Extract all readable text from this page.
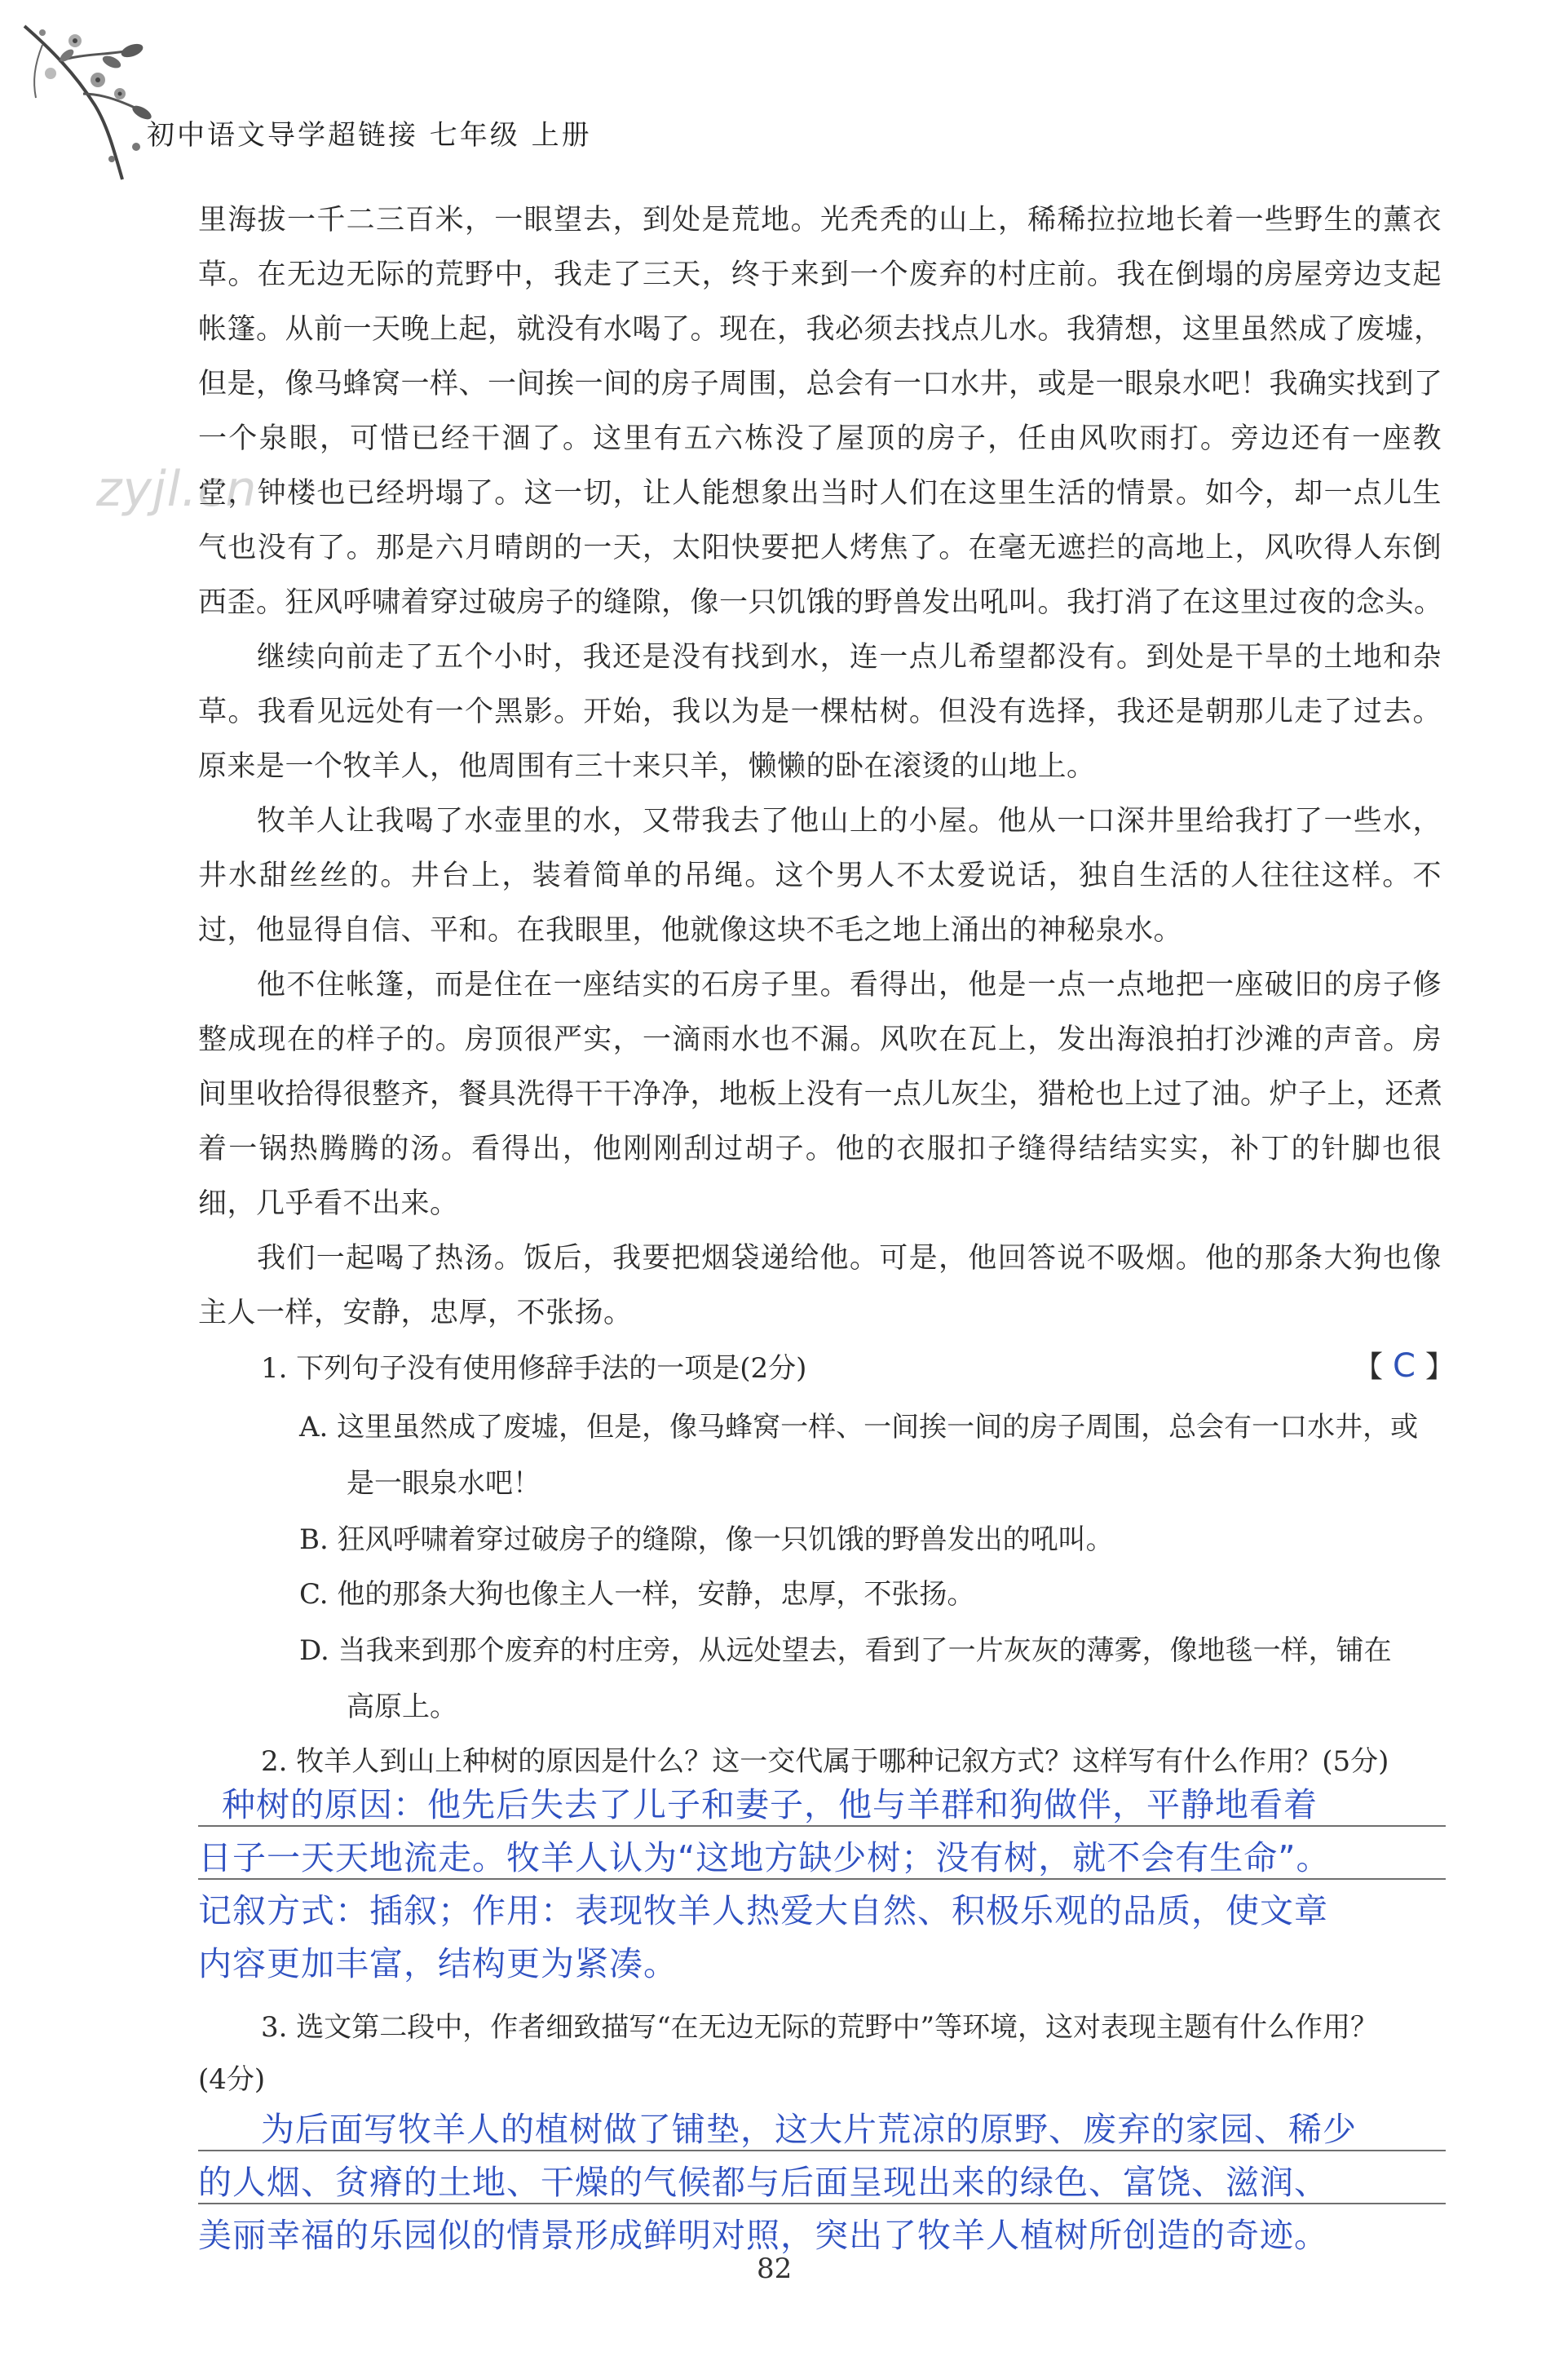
初中语文导学超链接 七年级 上册
zyjl.cn

里海拔一千二三百米，一眼望去，到处是荒地。光秃秃的山上，稀稀拉拉地长着一些野生的薰衣

草。在无边无际的荒野中，我走了三天，终于来到一个废弃的村庄前。我在倒塌的房屋旁边支起

帐篷。从前一天晚上起，就没有水喝了。现在，我必须去找点儿水。我猜想，这里虽然成了废墟，

但是，像马蜂窝一样、一间挨一间的房子周围，总会有一口水井，或是一眼泉水吧！我确实找到了

一个泉眼，可惜已经干涸了。这里有五六栋没了屋顶的房子，任由风吹雨打。旁边还有一座教

堂，钟楼也已经坍塌了。这一切，让人能想象出当时人们在这里生活的情景。如今，却一点儿生

气也没有了。那是六月晴朗的一天，太阳快要把人烤焦了。在毫无遮拦的高地上，风吹得人东倒

西歪。狂风呼啸着穿过破房子的缝隙，像一只饥饿的野兽发出吼叫。我打消了在这里过夜的念头。

继续向前走了五个小时，我还是没有找到水，连一点儿希望都没有。到处是干旱的土地和杂

草。我看见远处有一个黑影。开始，我以为是一棵枯树。但没有选择，我还是朝那儿走了过去。

原来是一个牧羊人，他周围有三十来只羊，懒懒的卧在滚烫的山地上。

牧羊人让我喝了水壶里的水，又带我去了他山上的小屋。他从一口深井里给我打了一些水，

井水甜丝丝的。井台上，装着简单的吊绳。这个男人不太爱说话，独自生活的人往往这样。不

过，他显得自信、平和。在我眼里，他就像这块不毛之地上涌出的神秘泉水。

他不住帐篷，而是住在一座结实的石房子里。看得出，他是一点一点地把一座破旧的房子修

整成现在的样子的。房顶很严实，一滴雨水也不漏。风吹在瓦上，发出海浪拍打沙滩的声音。房

间里收拾得很整齐，餐具洗得干干净净，地板上没有一点儿灰尘，猎枪也上过了油。炉子上，还煮

着一锅热腾腾的汤。看得出，他刚刚刮过胡子。他的衣服扣子缝得结结实实，补丁的针脚也很

细，几乎看不出来。

我们一起喝了热汤。饭后，我要把烟袋递给他。可是，他回答说不吸烟。他的那条大狗也像

主人一样，安静，忠厚，不张扬。

1. 下列句子没有使用修辞手法的一项是(2分)	【 C 】
A. 这里虽然成了废墟，但是，像马蜂窝一样、一间挨一间的房子周围，总会有一口水井，或
是一眼泉水吧！
B. 狂风呼啸着穿过破房子的缝隙，像一只饥饿的野兽发出的吼叫。
C. 他的那条大狗也像主人一样，安静，忠厚，不张扬。
D. 当我来到那个废弃的村庄旁，从远处望去，看到了一片灰灰的薄雾，像地毯一样，铺在
高原上。
2. 牧羊人到山上种树的原因是什么？这一交代属于哪种记叙方式？这样写有什么作用？(5分)

种树的原因：他先后失去了儿子和妻子，他与羊群和狗做伴，平静地看着

日子一天天地流走。牧羊人认为“这地方缺少树；没有树，就不会有生命”。

记叙方式：插叙；作用：表现牧羊人热爱大自然、积极乐观的品质，使文章

内容更加丰富，结构更为紧凑。

3. 选文第二段中，作者细致描写“在无边无际的荒野中”等环境，这对表现主题有什么作用？
(4分)

为后面写牧羊人的植树做了铺垫，这大片荒凉的原野、废弃的家园、稀少

的人烟、贫瘠的土地、干燥的气候都与后面呈现出来的绿色、富饶、滋润、

美丽幸福的乐园似的情景形成鲜明对照，突出了牧羊人植树所创造的奇迹。

82
